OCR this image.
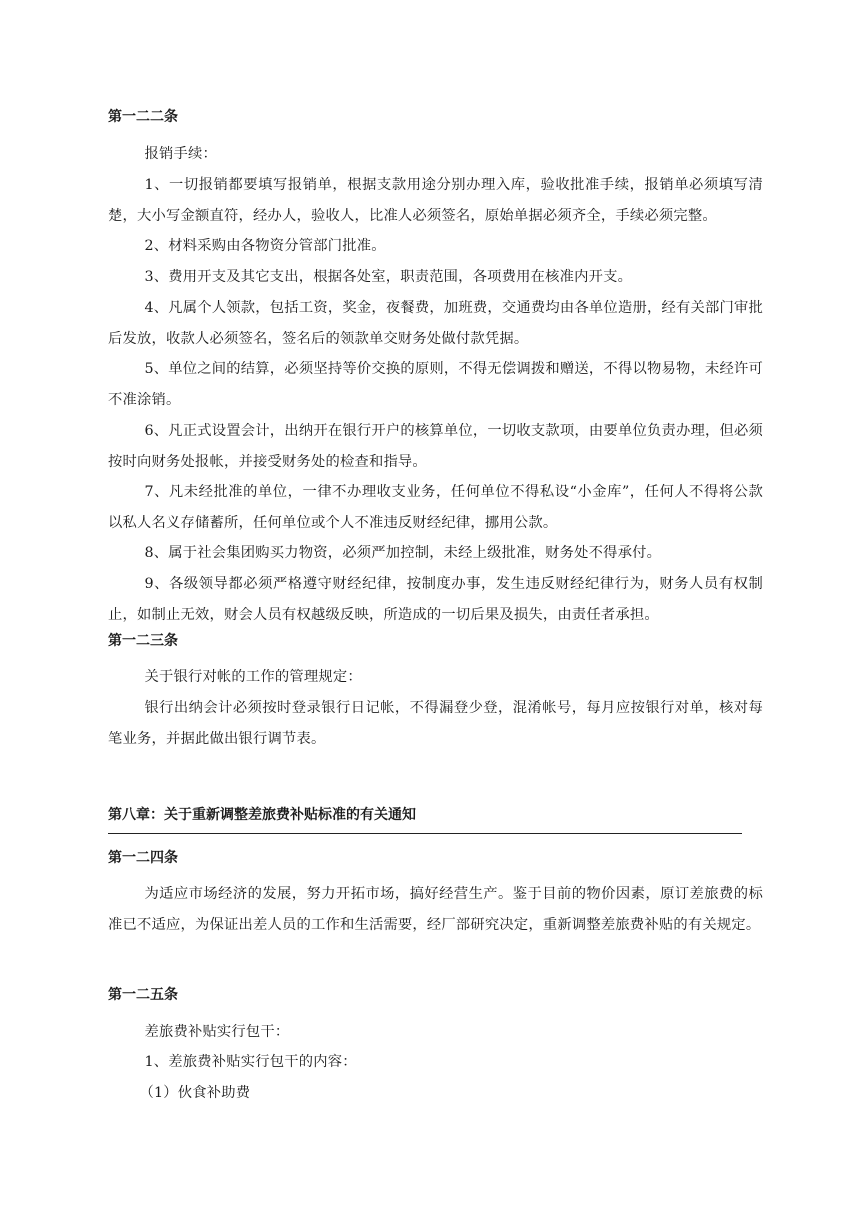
第一二二条

报销手续：

1、一切报销都要填写报销单，根据支款用途分别办理入库，验收批准手续，报销单必须填写清楚，大小写金额直符，经办人，验收人，比准人必须签名，原始单据必须齐全，手续必须完整。

2、材料采购由各物资分管部门批准。

3、费用开支及其它支出，根据各处室，职责范围，各项费用在核准内开支。

4、凡属个人领款，包括工资，奖金，夜餐费，加班费，交通费均由各单位造册，经有关部门审批后发放，收款人必须签名，签名后的领款单交财务处做付款凭据。

5、单位之间的结算，必须坚持等价交换的原则，不得无偿调拨和赠送，不得以物易物，未经许可不准涂销。

6、凡正式设置会计，出纳开在银行开户的核算单位，一切收支款项，由要单位负责办理，但必须按时向财务处报帐，并接受财务处的检查和指导。

7、凡未经批准的单位，一律不办理收支业务，任何单位不得私设“小金库”，任何人不得将公款以私人名义存储蓄所，任何单位或个人不准违反财经纪律，挪用公款。

8、属于社会集团购买力物资，必须严加控制，未经上级批准，财务处不得承付。

9、各级领导都必须严格遵守财经纪律，按制度办事，发生违反财经纪律行为，财务人员有权制止，如制止无效，财会人员有权越级反映，所造成的一切后果及损失，由责任者承担。

第一二三条

关于银行对帐的工作的管理规定：

银行出纳会计必须按时登录银行日记帐，不得漏登少登，混淆帐号，每月应按银行对单，核对每笔业务，并据此做出银行调节表。

第八章：关于重新调整差旅费补贴标准的有关通知
第一二四条

为适应市场经济的发展，努力开拓市场，搞好经营生产。鉴于目前的物价因素，原订差旅费的标准已不适应，为保证出差人员的工作和生活需要，经厂部研究决定，重新调整差旅费补贴的有关规定。

第一二五条

差旅费补贴实行包干：

1、差旅费补贴实行包干的内容：

（1）伙食补助费
